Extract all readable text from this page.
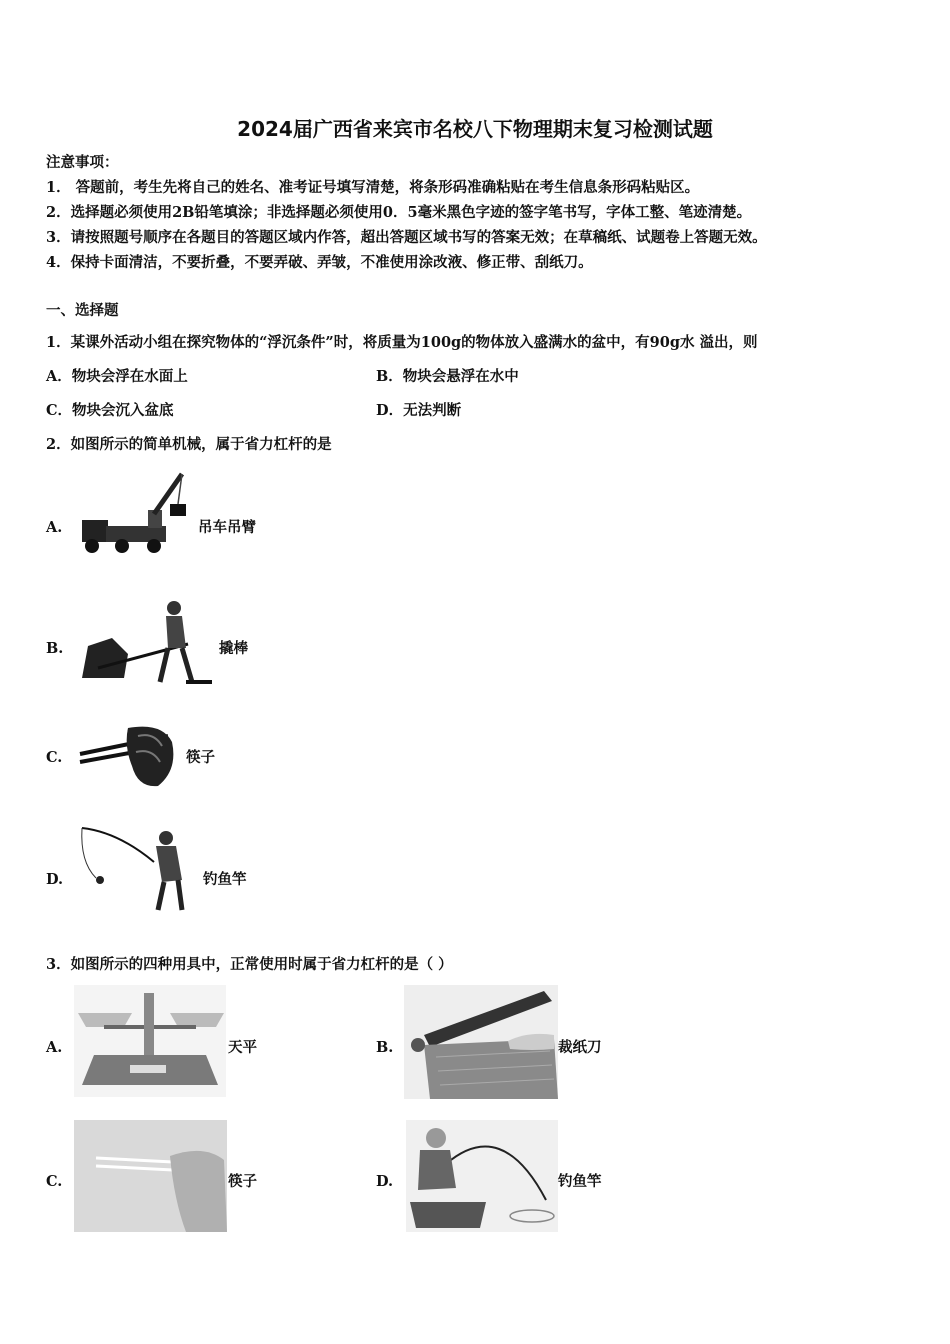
2024届广西省来宾市名校八下物理期末复习检测试题
注意事项：
1． 答题前，考生先将自己的姓名、准考证号填写清楚，将条形码准确粘贴在考生信息条形码粘贴区。
2．选择题必须使用2B铅笔填涂；非选择题必须使用0．5毫米黑色字迹的签字笔书写，字体工整、笔迹清楚。
3．请按照题号顺序在各题目的答题区域内作答，超出答题区域书写的答案无效；在草稿纸、试题卷上答题无效。
4．保持卡面清洁，不要折叠，不要弄破、弄皱，不准使用涂改液、修正带、刮纸刀。
一、选择题
1．某课外活动小组在探究物体的“浮沉条件”时，将质量为100g的物体放入盛满水的盆中，有90g水 溢出，则
A．物块会浮在水面上	B．物块会悬浮在水中
C．物块会沉入盆底	D．无法判断
2．如图所示的简单机械，属于省力杠杆的是
A.	吊车吊臂
B.	撬棒
C.	筷子
D.	钓鱼竿
3．如图所示的四种用具中，正常使用时属于省力杠杆的是（ ）
A.	天平	B.	裁纸刀
C.	筷子	D.	钓鱼竿
